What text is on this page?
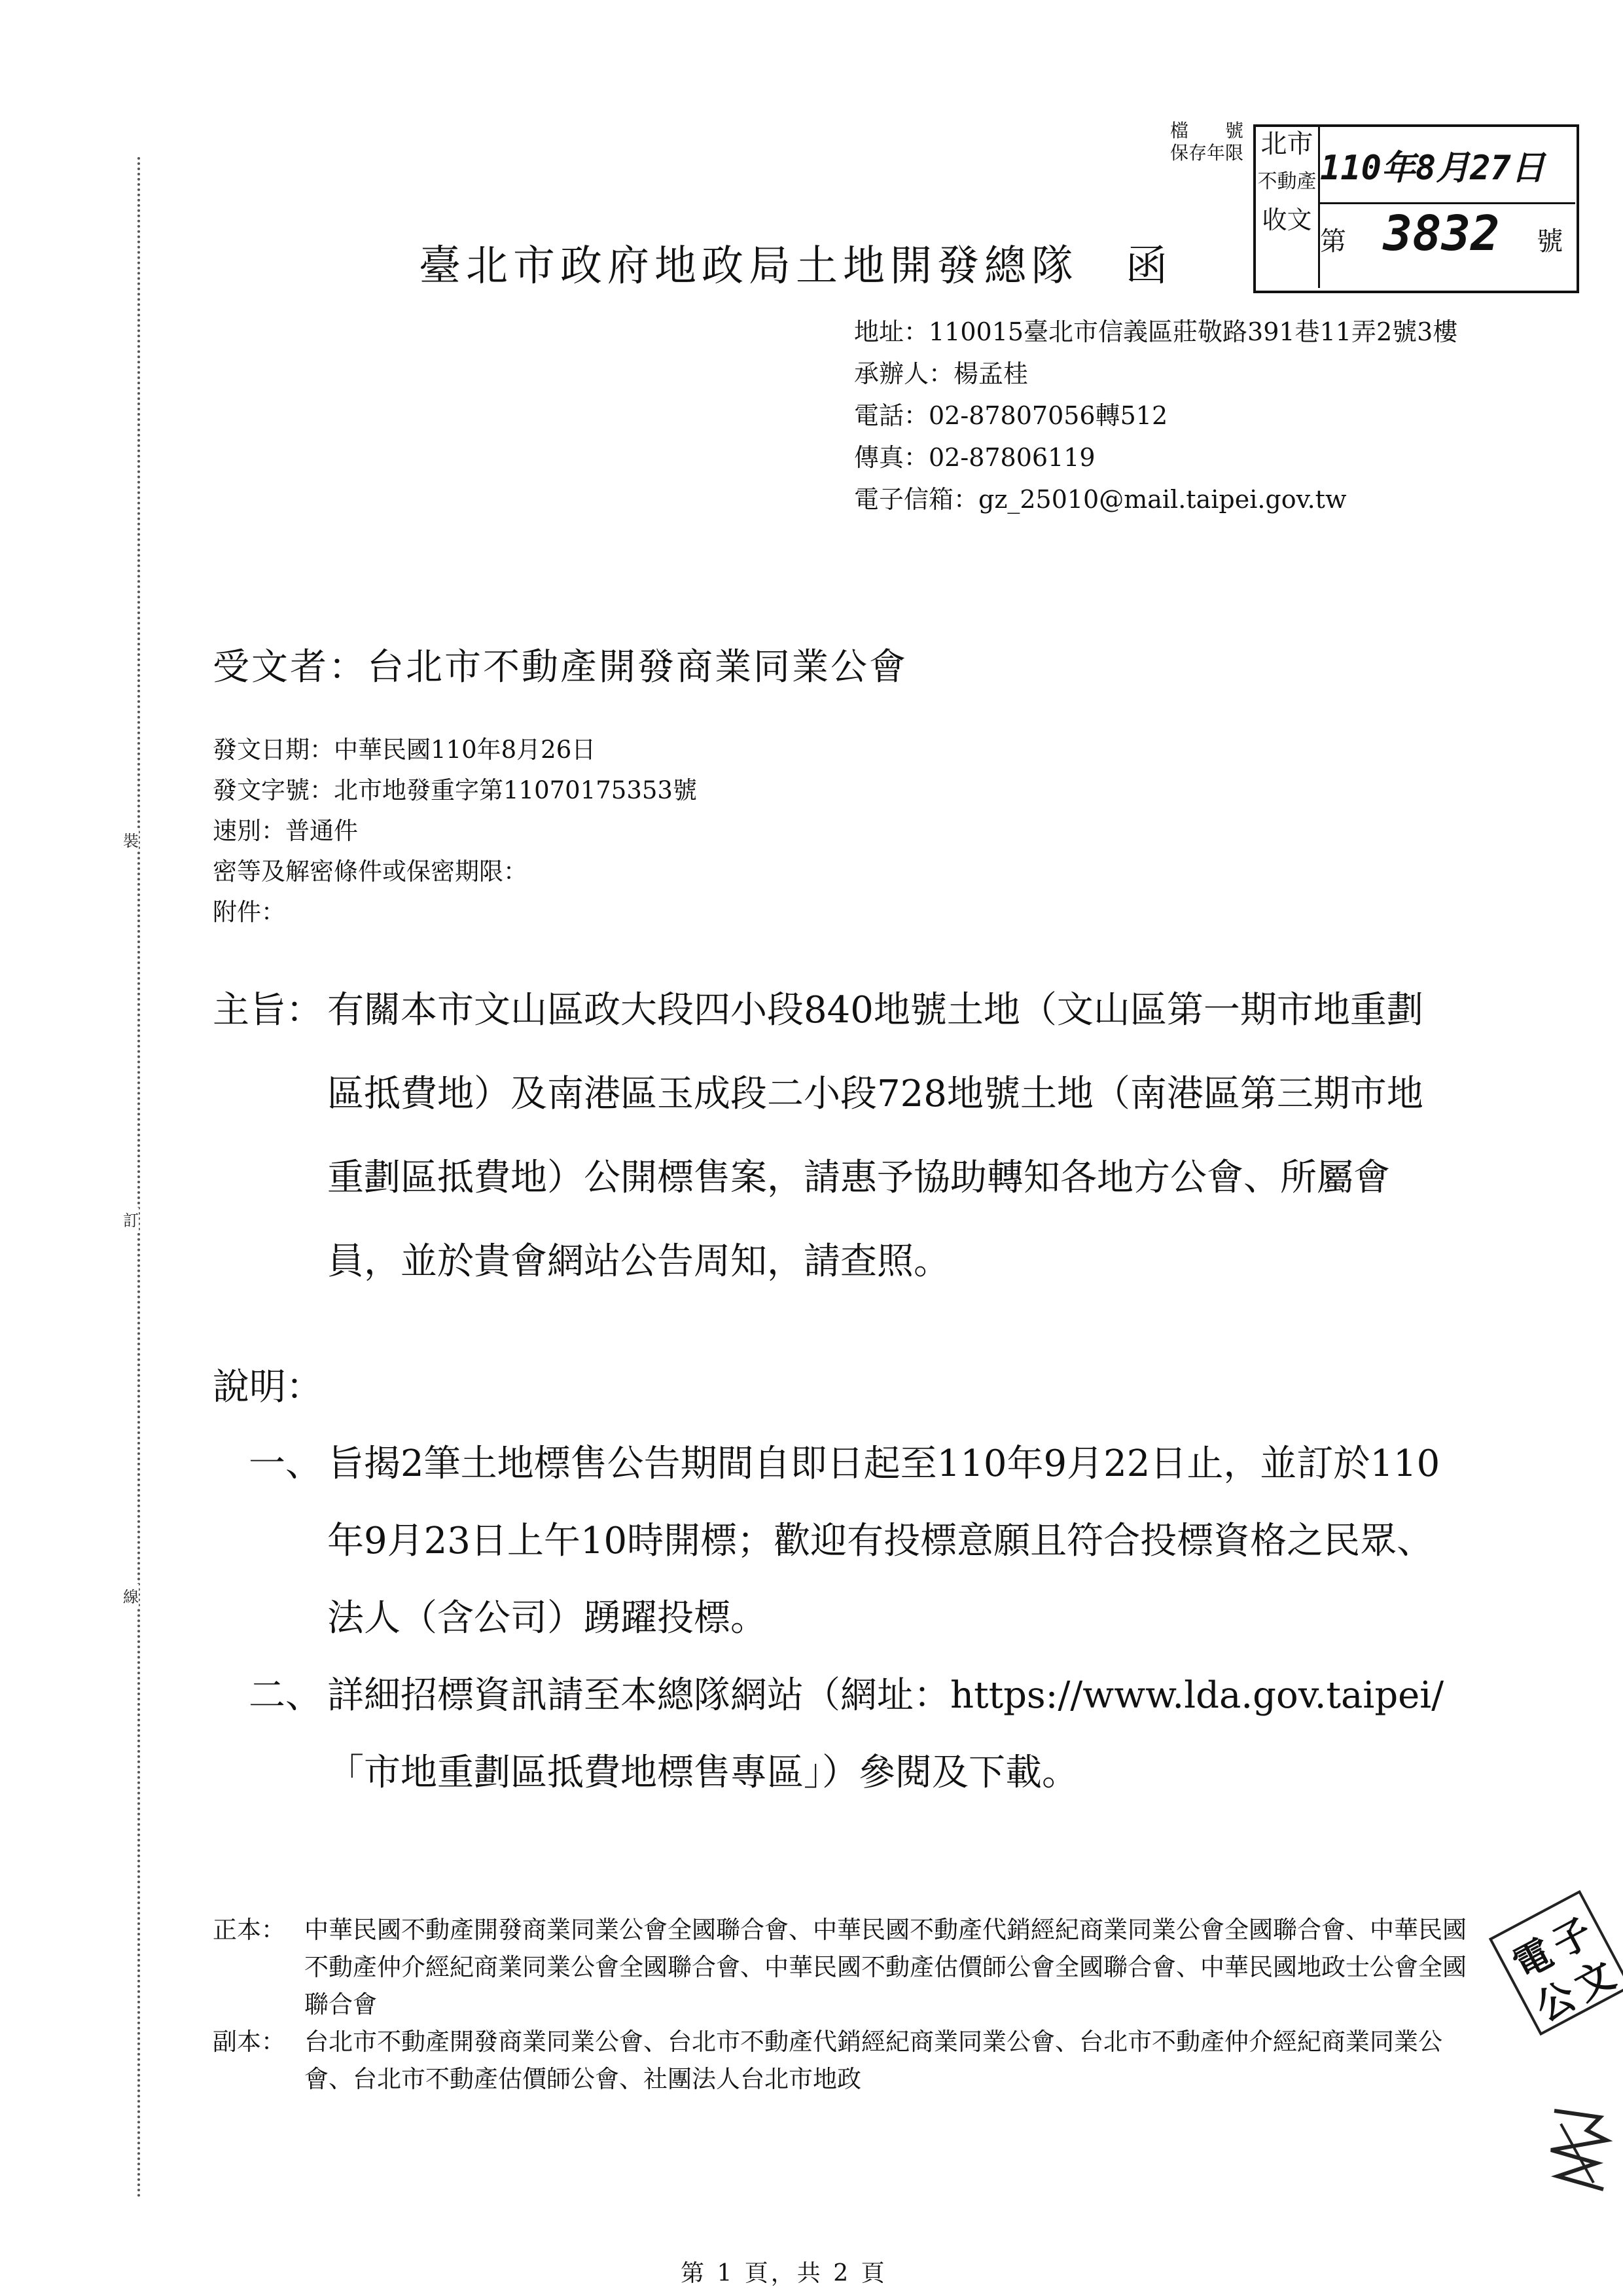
裝
訂
線
檔　　號
保存年限 北市
不動產
收文
110年8月27日
第 3832 號
臺北市政府地政局土地開發總隊　函
地址：110015臺北市信義區莊敬路391巷11弄2號3樓
承辦人：楊孟桂
電話：02-87807056轉512
傳真：02-87806119
電子信箱：gz_25010@mail.taipei.gov.tw
受文者：台北市不動產開發商業同業公會
發文日期：中華民國110年8月26日
發文字號：北市地發重字第11070175353號
速別：普通件
密等及解密條件或保密期限：
附件：
主旨： 有關本市文山區政大段四小段840地號土地（文山區第一期市地重劃區抵費地）及南港區玉成段二小段728地號土地（南港區第三期市地重劃區抵費地）公開標售案，請惠予協助轉知各地方公會、所屬會員，並於貴會網站公告周知，請查照。
說明：
一、 旨揭2筆土地標售公告期間自即日起至110年9月22日止，並訂於110年9月23日上午10時開標；歡迎有投標意願且符合投標資格之民眾、法人（含公司）踴躍投標。
二、 詳細招標資訊請至本總隊網站（網址：https://www.lda.gov.taipei/「市地重劃區抵費地標售專區」）參閱及下載。
正本： 中華民國不動產開發商業同業公會全國聯合會、中華民國不動產代銷經紀商業同業公會全國聯合會、中華民國不動產仲介經紀商業同業公會全國聯合會、中華民國不動產估價師公會全國聯合會、中華民國地政士公會全國聯合會
副本： 台北市不動產開發商業同業公會、台北市不動產代銷經紀商業同業公會、台北市不動產仲介經紀商業同業公會、台北市不動產估價師公會、社團法人台北市地政
電
子
公
文
第 1 頁，共 2 頁
